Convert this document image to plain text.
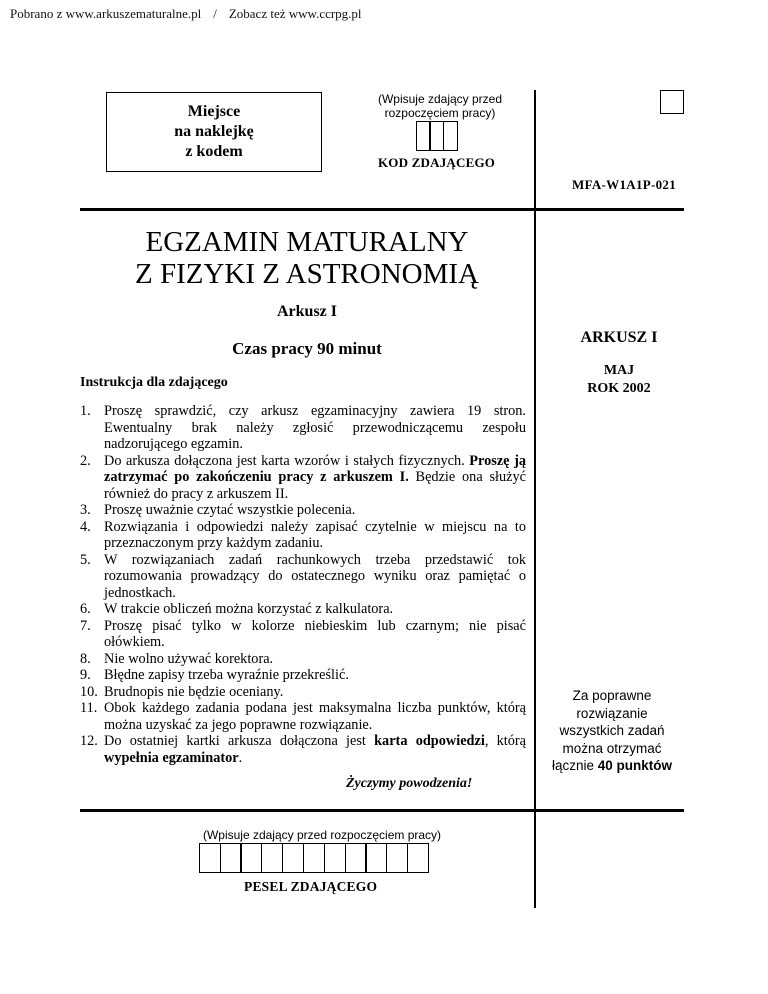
Pobrano z www.arkuszematuralne.pl / Zobacz też www.ccrpg.pl
Miejsce
na naklejkę
z kodem
(Wpisuje zdający przed
rozpoczęciem pracy)
KOD ZDAJĄCEGO
MFA-W1A1P-021
EGZAMIN MATURALNY
Z FIZYKI Z ASTRONOMIĄ
Arkusz I
Czas pracy 90 minut
Instrukcja dla zdającego
1. Proszę sprawdzić, czy arkusz egzaminacyjny zawiera 19 stron. Ewentualny brak należy zgłosić przewodniczącemu zespołu nadzorującego egzamin.
2. Do arkusza dołączona jest karta wzorów i stałych fizycznych. Proszę ją zatrzymać po zakończeniu pracy z arkuszem I. Będzie ona służyć również do pracy z arkuszem II.
3. Proszę uważnie czytać wszystkie polecenia.
4. Rozwiązania i odpowiedzi należy zapisać czytelnie w miejscu na to przeznaczonym przy każdym zadaniu.
5. W rozwiązaniach zadań rachunkowych trzeba przedstawić tok rozumowania prowadzący do ostatecznego wyniku oraz pamiętać o jednostkach.
6. W trakcie obliczeń można korzystać z kalkulatora.
7. Proszę pisać tylko w kolorze niebieskim lub czarnym; nie pisać ołówkiem.
8. Nie wolno używać korektora.
9. Błędne zapisy trzeba wyraźnie przekreślić.
10. Brudnopis nie będzie oceniany.
11. Obok każdego zadania podana jest maksymalna liczba punktów, którą można uzyskać za jego poprawne rozwiązanie.
12. Do ostatniej kartki arkusza dołączona jest karta odpowiedzi, którą wypełnia egzaminator.
Życzymy powodzenia!
ARKUSZ I
MAJ
ROK 2002
Za poprawne
rozwiązanie
wszystkich zadań
można otrzymać
łącznie 40 punktów
(Wpisuje zdający przed rozpoczęciem pracy)
PESEL ZDAJĄCEGO
